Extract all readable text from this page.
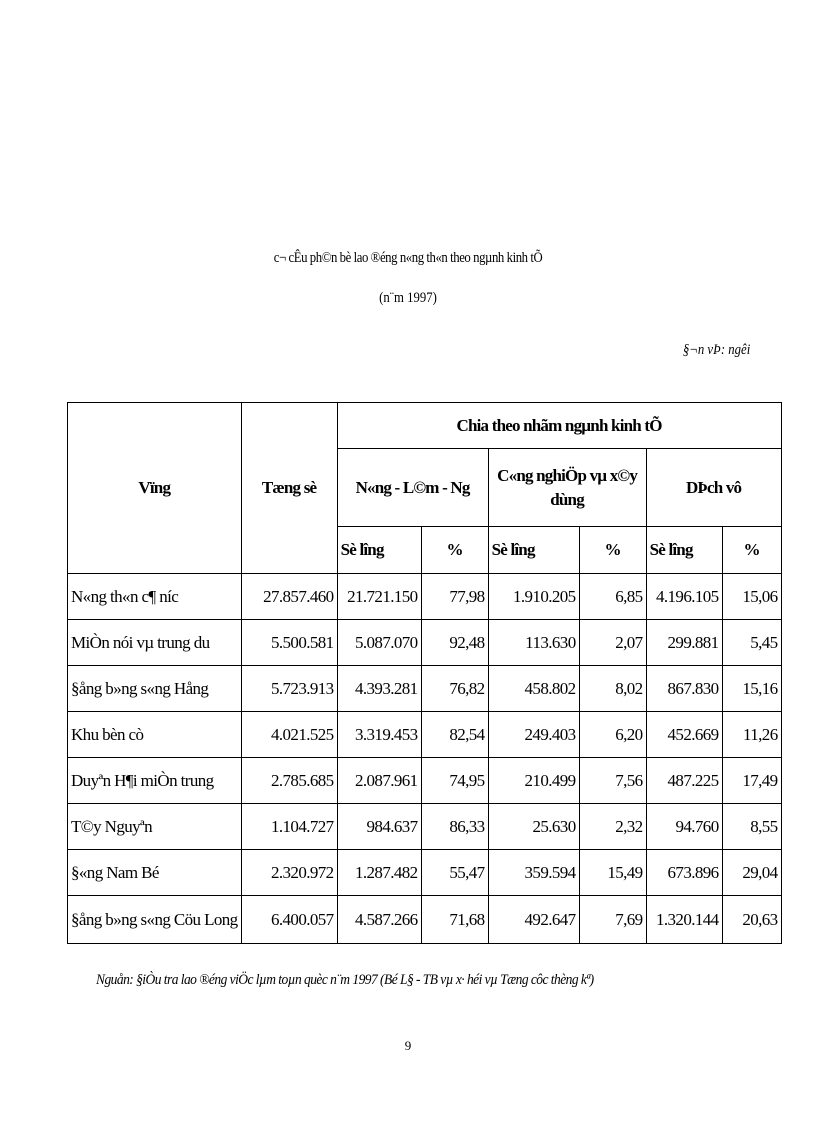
c¬ cÊu ph©n bè lao ®éng n«ng th«n theo ngµnh kinh tÕ
(n¨m 1997)
§¬n vÞ: ngêi
Vïng	Tæng sè	Chia theo nhãm ngµnh kinh tÕ					
		N«ng - L©m - Ng		C«ng nghiÖp vµ x©y dùng		DÞch vô	
		Sè lîng	%	Sè lîng	%	Sè lîng	%
N«ng th«n c¶ níc	27.857.460	21.721.150	77,98	1.910.205	6,85	4.196.105	15,06
MiÒn nói vµ trung du	5.500.581	5.087.070	92,48	113.630	2,07	299.881	5,45
§ång b»ng s«ng Hång	5.723.913	4.393.281	76,82	458.802	8,02	867.830	15,16
Khu bèn cò	4.021.525	3.319.453	82,54	249.403	6,20	452.669	11,26
Duyªn H¶i miÒn trung	2.785.685	2.087.961	74,95	210.499	7,56	487.225	17,49
T©y Nguyªn	1.104.727	984.637	86,33	25.630	2,32	94.760	8,55
§«ng Nam Bé	2.320.972	1.287.482	55,47	359.594	15,49	673.896	29,04
§ång b»ng s«ng Cöu Long	6.400.057	4.587.266	71,68	492.647	7,69	1.320.144	20,63
Nguån: §iÒu tra lao ®éng viÖc lµm toµn quèc n¨m 1997 (Bé L§ - TB vµ x· héi vµ Tæng côc thèng kª)
9
